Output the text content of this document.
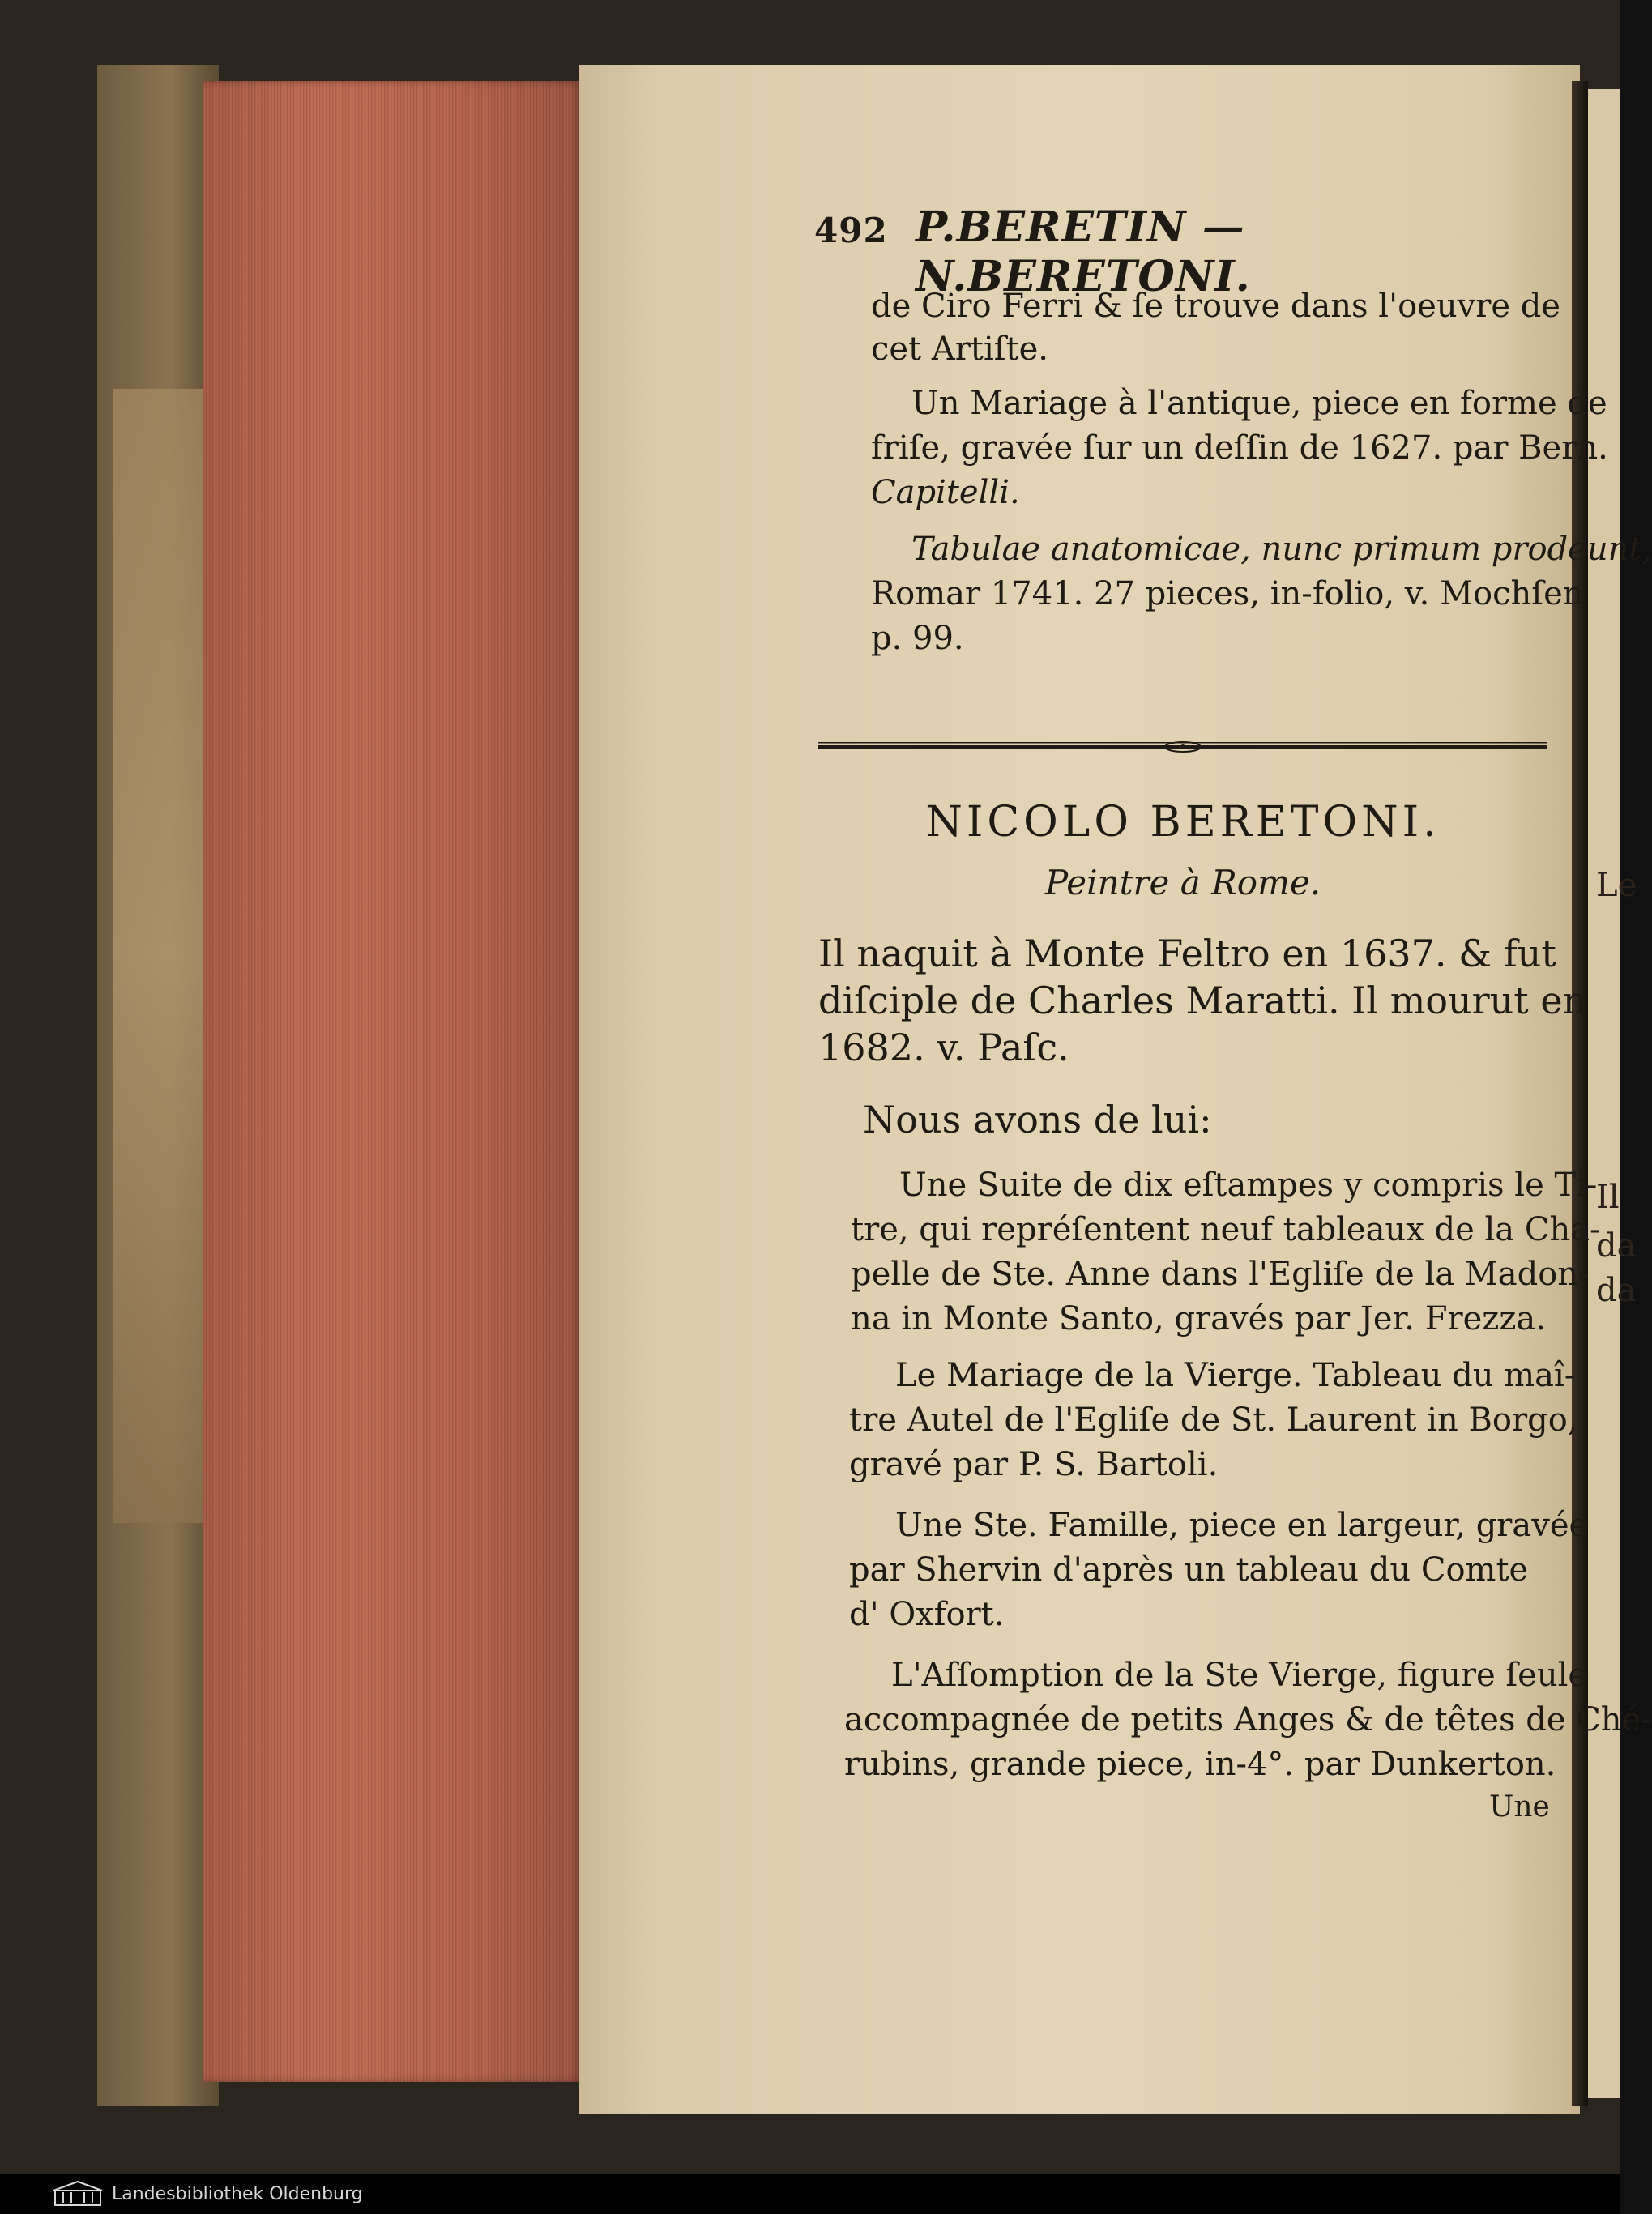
Le
Il
da
da
492 P.BERETIN — N.BERETONI.
de Ciro Ferri & ſe trouve dans l'oeuvre de
cet Artiſte.
Un Mariage à l'antique, piece en forme de
friſe, gravée ſur un deſſin de 1627. par Bern.
Capitelli.
Tabulae anatomicae, nunc primum prodeunt,
Romar 1741. 27 pieces, in-folio, v. Mochſen
p. 99.
NICOLO BERETONI.
Peintre à Rome.
Il naquit à Monte Feltro en 1637. & fut
diſciple de Charles Maratti. Il mourut en
1682. v. Paſc.
Nous avons de lui:
Une Suite de dix eſtampes y compris le Ti-
tre, qui repréſentent neuf tableaux de la Cha-
pelle de Ste. Anne dans l'Egliſe de la Madon-
na in Monte Santo, gravés par Jer. Frezza.
Le Mariage de la Vierge. Tableau du maî-
tre Autel de l'Egliſe de St. Laurent in Borgo,
gravé par P. S. Bartoli.
Une Ste. Famille, piece en largeur, gravée
par Shervin d'après un tableau du Comte
d' Oxfort.
L'Aſſomption de la Ste Vierge, figure ſeule
accompagnée de petits Anges & de têtes de Ché-
rubins, grande piece, in-4°. par Dunkerton.
Une
Landesbibliothek Oldenburg
